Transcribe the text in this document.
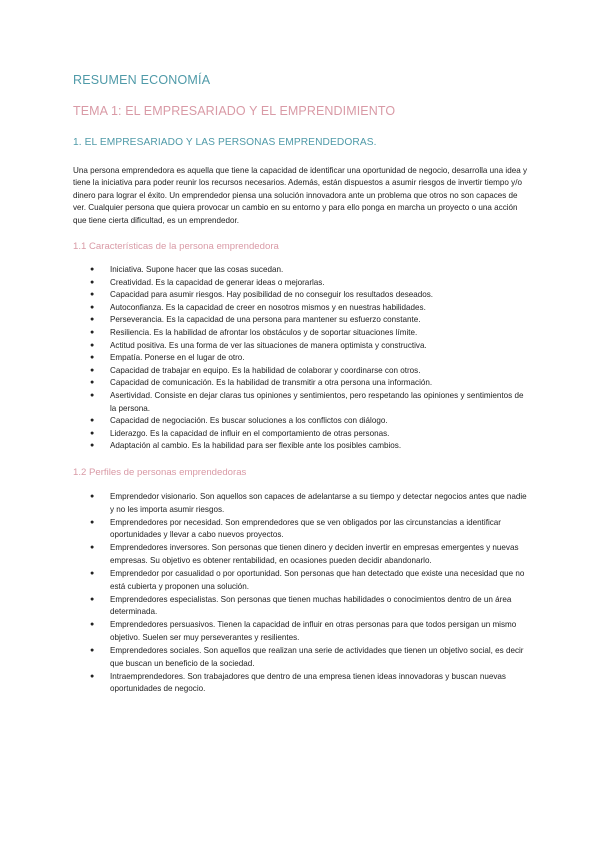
RESUMEN ECONOMÍA
TEMA 1: EL EMPRESARIADO Y EL EMPRENDIMIENTO
1. EL EMPRESARIADO Y LAS PERSONAS EMPRENDEDORAS.

Una persona emprendedora es aquella que tiene la capacidad de identificar una oportunidad de negocio, desarrolla una idea y tiene la iniciativa para poder reunir los recursos necesarios. Además, están dispuestos a asumir riesgos de invertir tiempo y/o dinero para lograr el éxito. Un emprendedor piensa una solución innovadora ante un problema que otros no son capaces de ver. Cualquier persona que quiera provocar un cambio en su entorno y para ello ponga en marcha un proyecto o una acción que tiene cierta dificultad, es un emprendedor.

1.1 Características de la persona emprendedora
● Iniciativa. Supone hacer que las cosas sucedan.
● Creatividad. Es la capacidad de generar ideas o mejorarlas.
● Capacidad para asumir riesgos. Hay posibilidad de no conseguir los resultados deseados.
● Autoconfianza. Es la capacidad de creer en nosotros mismos y en nuestras habilidades.
● Perseverancia. Es la capacidad de una persona para mantener su esfuerzo constante.
● Resiliencia. Es la habilidad de afrontar los obstáculos y de soportar situaciones límite.
● Actitud positiva. Es una forma de ver las situaciones de manera optimista y constructiva.
● Empatía. Ponerse en el lugar de otro.
● Capacidad de trabajar en equipo. Es la habilidad de colaborar y coordinarse con otros.
● Capacidad de comunicación. Es la habilidad de transmitir a otra persona una información.
● Asertividad. Consiste en dejar claras tus opiniones y sentimientos, pero respetando las opiniones y sentimientos de la persona.
● Capacidad de negociación. Es buscar soluciones a los conflictos con diálogo.
● Liderazgo. Es la capacidad de influir en el comportamiento de otras personas.
● Adaptación al cambio. Es la habilidad para ser flexible ante los posibles cambios.
1.2 Perfiles de personas emprendedoras
● Emprendedor visionario. Son aquellos son capaces de adelantarse a su tiempo y detectar negocios antes que nadie y no les importa asumir riesgos.
● Emprendedores por necesidad. Son emprendedores que se ven obligados por las circunstancias a identificar oportunidades y llevar a cabo nuevos proyectos.
● Emprendedores inversores. Son personas que tienen dinero y deciden invertir en empresas emergentes y nuevas empresas. Su objetivo es obtener rentabilidad, en ocasiones pueden decidir abandonarlo.
● Emprendedor por casualidad o por oportunidad. Son personas que han detectado que existe una necesidad que no está cubierta y proponen una solución.
● Emprendedores especialistas. Son personas que tienen muchas habilidades o conocimientos dentro de un área determinada.
● Emprendedores persuasivos. Tienen la capacidad de influir en otras personas para que todos persigan un mismo objetivo. Suelen ser muy perseverantes y resilientes.
● Emprendedores sociales. Son aquellos que realizan una serie de actividades que tienen un objetivo social, es decir que buscan un beneficio de la sociedad.
● Intraemprendedores. Son trabajadores que dentro de una empresa tienen ideas innovadoras y buscan nuevas oportunidades de negocio.
